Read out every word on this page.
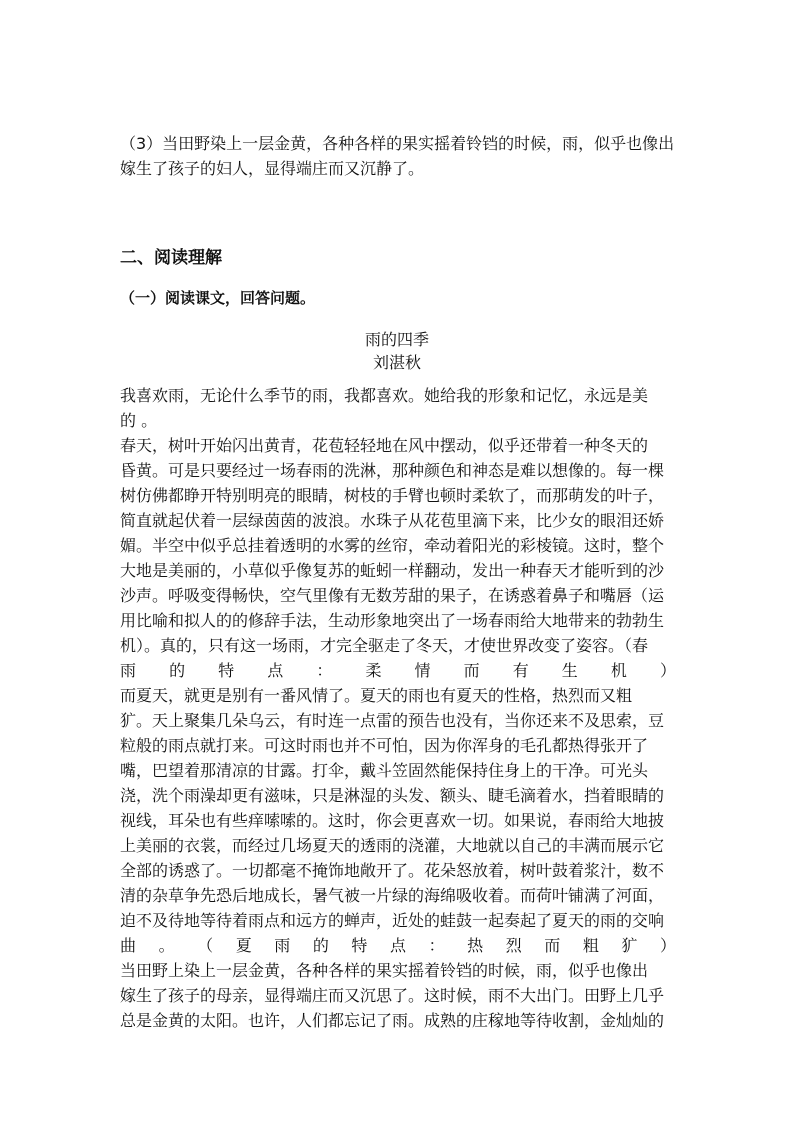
（3）当田野染上一层金黄，各种各样的果实摇着铃铛的时候，雨，似乎也像出
嫁生了孩子的妇人，显得端庄而又沉静了。
二、阅读理解
（一）阅读课文，回答问题。
雨的四季
刘湛秋
我喜欢雨，无论什么季节的雨，我都喜欢。她给我的形象和记忆，永远是美
的 。
春天，树叶开始闪出黄青，花苞轻轻地在风中摆动，似乎还带着一种冬天的
昏黄。可是只要经过一场春雨的洗淋，那种颜色和神态是难以想像的。每一棵
树仿佛都睁开特别明亮的眼睛，树枝的手臂也顿时柔软了，而那萌发的叶子，
简直就起伏着一层绿茵茵的波浪。水珠子从花苞里滴下来，比少女的眼泪还娇
媚。半空中似乎总挂着透明的水雾的丝帘，牵动着阳光的彩棱镜。这时，整个
大地是美丽的，小草似乎像复苏的蚯蚓一样翻动，发出一种春天才能听到的沙
沙声。呼吸变得畅快，空气里像有无数芳甜的果子，在诱惑着鼻子和嘴唇（运
用比喻和拟人的的修辞手法，生动形象地突出了一场春雨给大地带来的勃勃生
机）。真的，只有这一场雨，才完全驱走了冬天，才使世界改变了姿容。（春
雨 的 特 点 ： 柔 情 而 有 生 机 ）
而夏天，就更是别有一番风情了。夏天的雨也有夏天的性格，热烈而又粗
犷。天上聚集几朵乌云，有时连一点雷的预告也没有，当你还来不及思索，豆
粒般的雨点就打来。可这时雨也并不可怕，因为你浑身的毛孔都热得张开了
嘴，巴望着那清凉的甘露。打伞，戴斗笠固然能保持住身上的干净。可光头
浇，洗个雨澡却更有滋味，只是淋湿的头发、额头、睫毛滴着水，挡着眼睛的
视线，耳朵也有些痒嗦嗦的。这时，你会更喜欢一切。如果说，春雨给大地披
上美丽的衣裳，而经过几场夏天的透雨的浇灌，大地就以自己的丰满而展示它
全部的诱惑了。一切都毫不掩饰地敞开了。花朵怒放着，树叶鼓着浆汁，数不
清的杂草争先恐后地成长，暑气被一片绿的海绵吸收着。而荷叶铺满了河面，
迫不及待地等待着雨点和远方的蝉声，近处的蛙鼓一起奏起了夏天的雨的交响
曲 。 （ 夏 雨 的 特 点 ： 热 烈 而 粗 犷 ）
当田野上染上一层金黄，各种各样的果实摇着铃铛的时候，雨，似乎也像出
嫁生了孩子的母亲，显得端庄而又沉思了。这时候，雨不大出门。田野上几乎
总是金黄的太阳。也许，人们都忘记了雨。成熟的庄稼地等待收割，金灿灿的
